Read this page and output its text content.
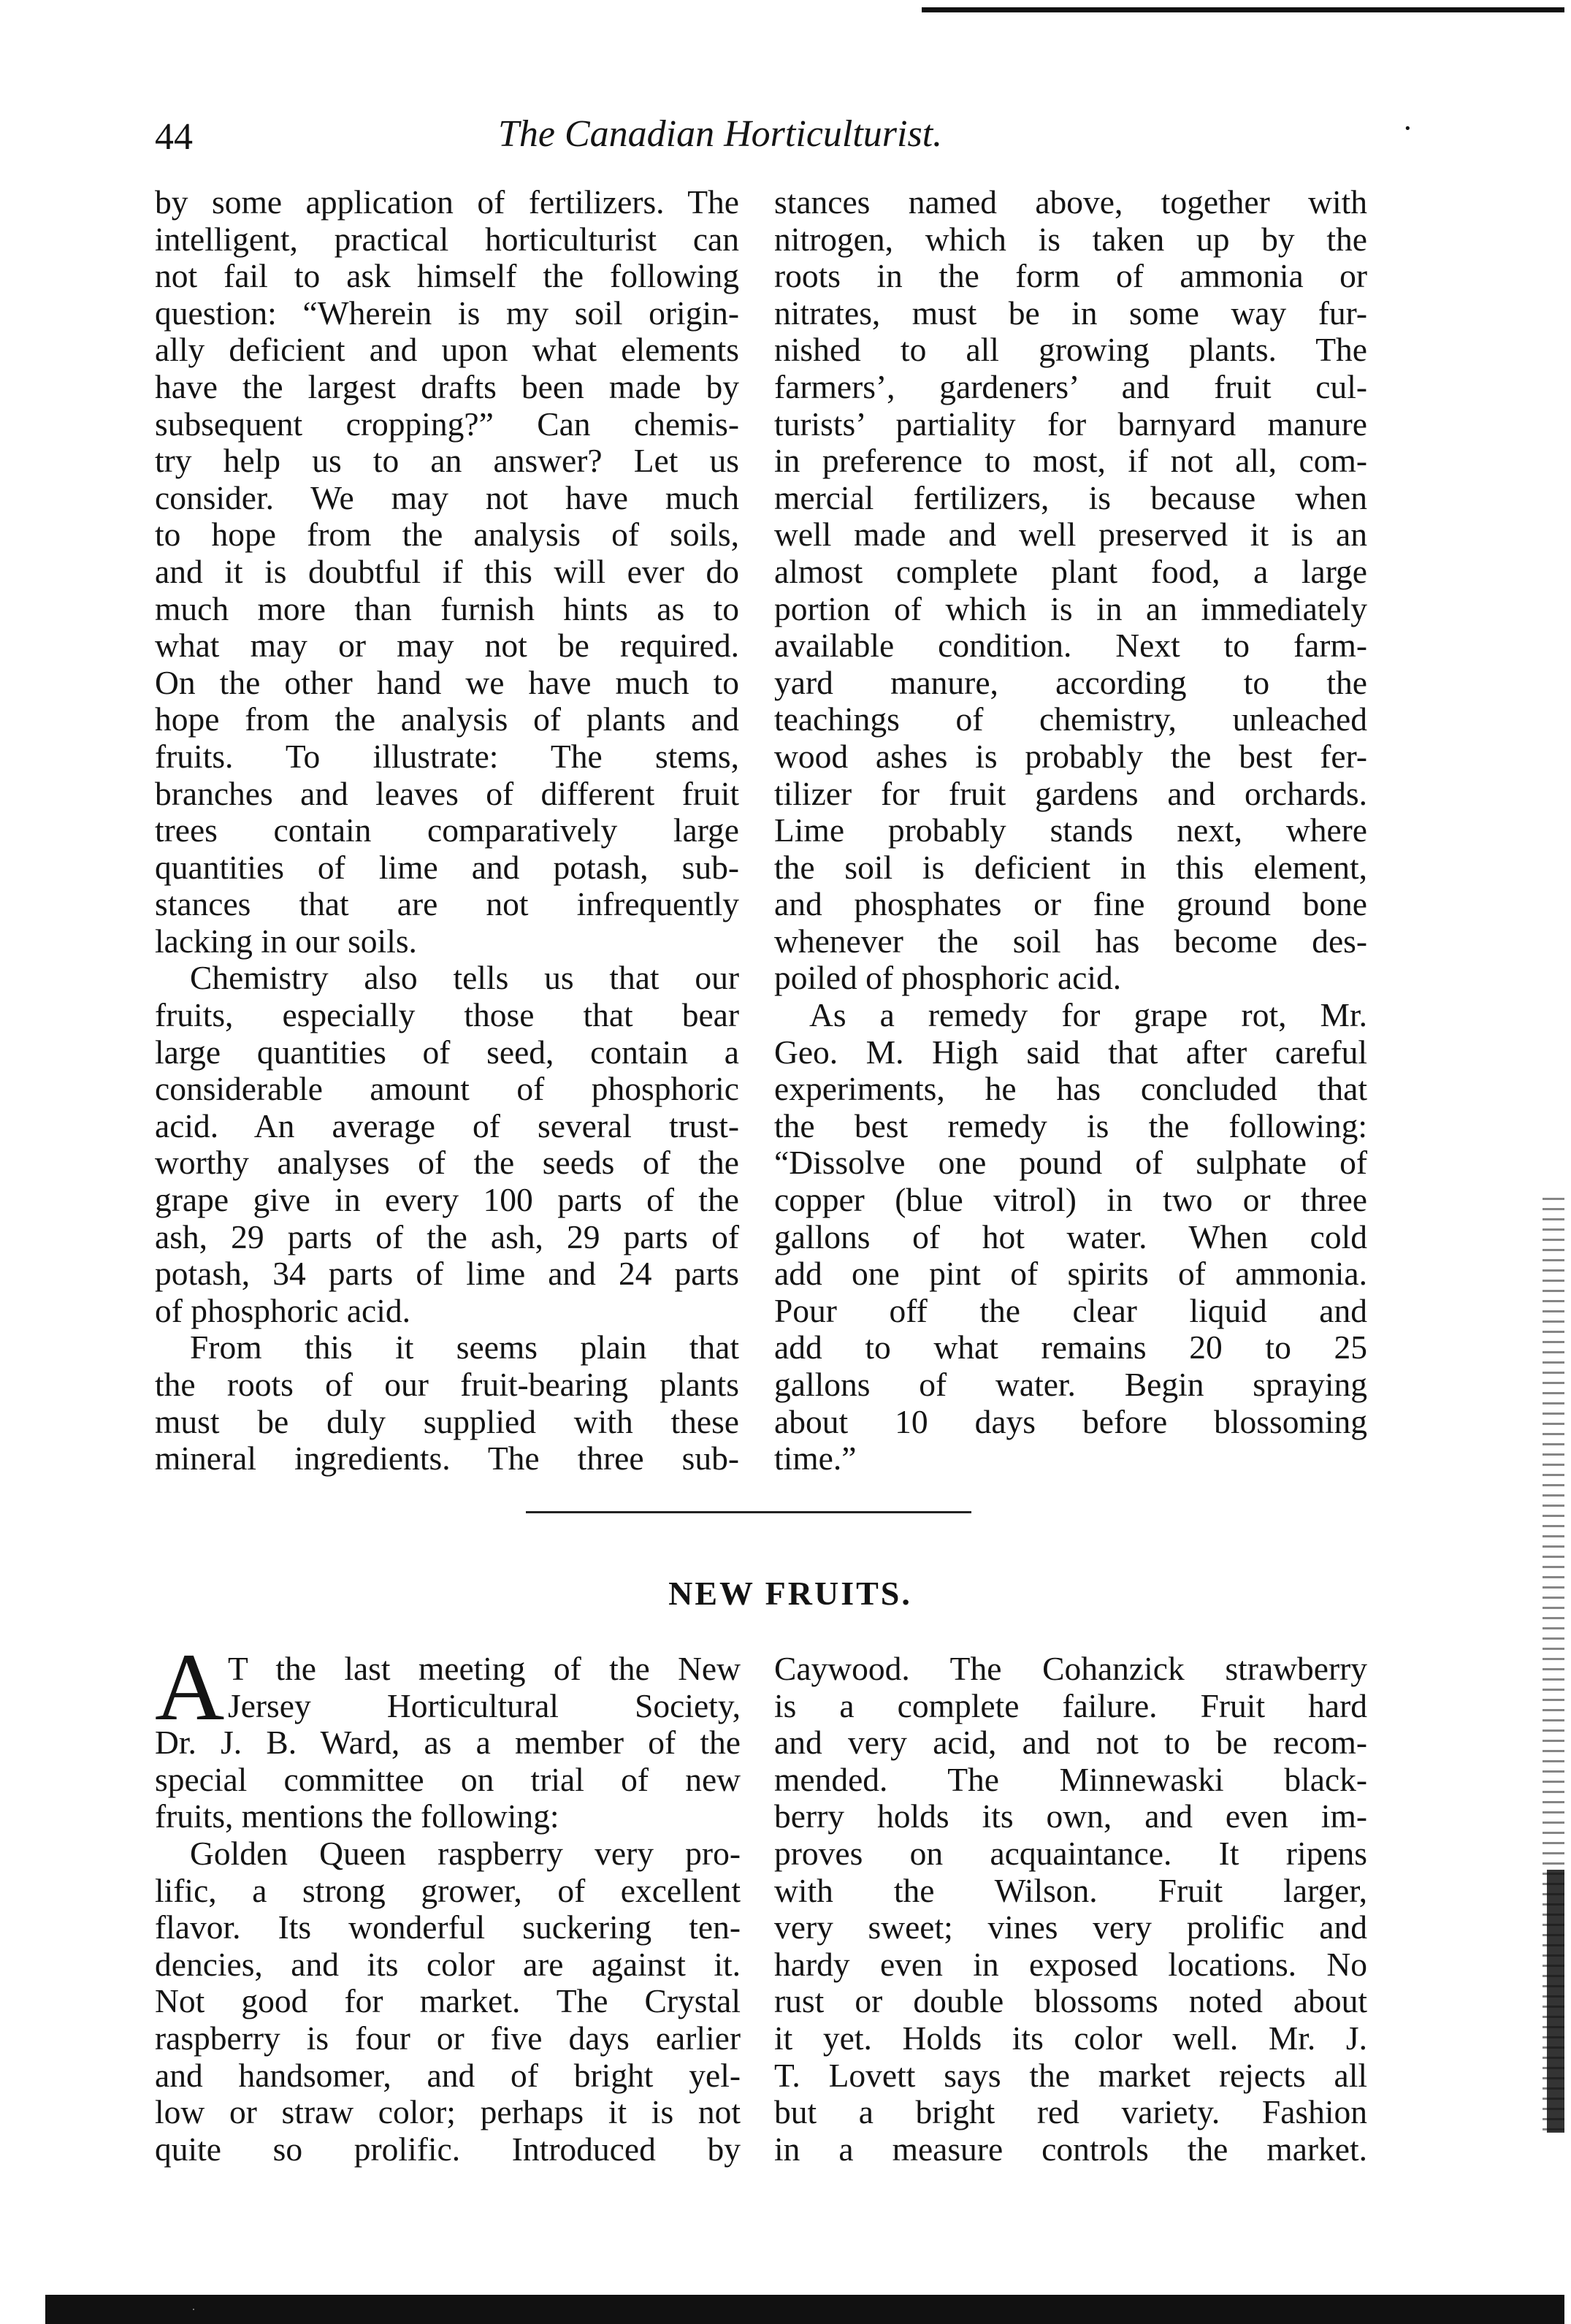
44	The Canadian Horticulturist.	·
by some application of fertilizers. The
intelligent, practical horticulturist can
not fail to ask himself the following
question: “Wherein is my soil origin-
ally deficient and upon what elements
have the largest drafts been made by
subsequent cropping?” Can chemis-
try help us to an answer? Let us
consider. We may not have much
to hope from the analysis of soils,
and it is doubtful if this will ever do
much more than furnish hints as to
what may or may not be required.
On the other hand we have much to
hope from the analysis of plants and
fruits. To illustrate: The stems,
branches and leaves of different fruit
trees contain comparatively large
quantities of lime and potash, sub-
stances that are not infrequently
lacking in our soils.
Chemistry also tells us that our
fruits, especially those that bear
large quantities of seed, contain a
considerable amount of phosphoric
acid. An average of several trust-
worthy analyses of the seeds of the
grape give in every 100 parts of the
ash, 29 parts of the ash, 29 parts of
potash, 34 parts of lime and 24 parts
of phosphoric acid.
From this it seems plain that
the roots of our fruit-bearing plants
must be duly supplied with these
mineral ingredients. The three sub-
stances named above, together with
nitrogen, which is taken up by the
roots in the form of ammonia or
nitrates, must be in some way fur-
nished to all growing plants. The
farmers’, gardeners’ and fruit cul-
turists’ partiality for barnyard manure
in preference to most, if not all, com-
mercial fertilizers, is because when
well made and well preserved it is an
almost complete plant food, a large
portion of which is in an immediately
available condition. Next to farm-
yard manure, according to the
teachings of chemistry, unleached
wood ashes is probably the best fer-
tilizer for fruit gardens and orchards.
Lime probably stands next, where
the soil is deficient in this element,
and phosphates or fine ground bone
whenever the soil has become des-
poiled of phosphoric acid.
As a remedy for grape rot, Mr.
Geo. M. High said that after careful
experiments, he has concluded that
the best remedy is the following:
“Dissolve one pound of sulphate of
copper (blue vitrol) in two or three
gallons of hot water. When cold
add one pint of spirits of ammonia.
Pour off the clear liquid and
add to what remains 20 to 25
gallons of water. Begin spraying
about 10 days before blossoming
time.”
NEW FRUITS.
A T the last meeting of the New
Jersey Horticultural Society,
Dr. J. B. Ward, as a member of the
special committee on trial of new
fruits, mentions the following:
Golden Queen raspberry very pro-
lific, a strong grower, of excellent
flavor. Its wonderful suckering ten-
dencies, and its color are against it.
Not good for market. The Crystal
raspberry is four or five days earlier
and handsomer, and of bright yel-
low or straw color; perhaps it is not
quite so prolific. Introduced by
Caywood. The Cohanzick strawberry
is a complete failure. Fruit hard
and very acid, and not to be recom-
mended. The Minnewaski black-
berry holds its own, and even im-
proves on acquaintance. It ripens
with the Wilson. Fruit larger,
very sweet; vines very prolific and
hardy even in exposed locations. No
rust or double blossoms noted about
it yet. Holds its color well. Mr. J.
T. Lovett says the market rejects all
but a bright red variety. Fashion
in a measure controls the market.
·
